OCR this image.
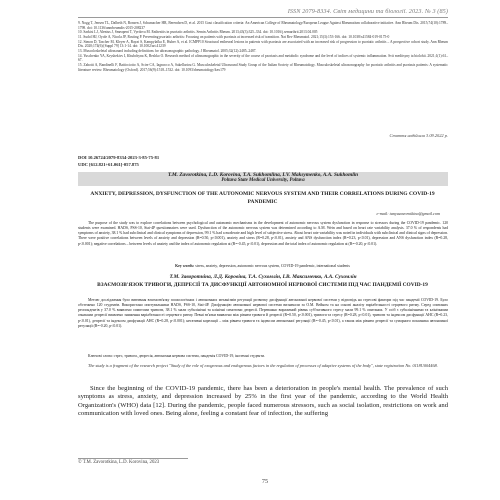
ISSN 2079-8334. Світ медицини та біології. 2023. № 3 (85)

9. Nogg T, Jensen TL, Dalbeth N, Bonsen J, Schumacher HR, Berendsen D, et al. 2015 Gout classification criteria: An American College of Rheumatology/European League Against Rheumatism collaborative initiative. Ann Rheum Dis. 2015;74(10):1789–1798. doi: 10.1136/annrheumdis-2015-208237

10. Sarkisi LJ, Alenius J, Smeapeni T, Vyrdova M. Enthesitis in psoriatic arthritis. Semin Arthritis Rheum. 2013;43(3):325–334. doi: 10.1016/j.semarthrit.2013.04.005

11. Sudol HJ, Oyole A, Nicola JP, Rosting P. Preventing psoriatic arthritis: Focusing on patients with psoriasis at increased risk of transition. Nat Rev Rheumatol. 2021;15(3):153-166. doi: 10.1038/s41584-019-0175-0

12. Simon D, Tascher M, Kleyer A, Bayat S, Kampylafka E, Huber A, et al. ICMPP10 Structural entheseal lesions in patients with psoriasis are associated with an increased risk of progression to psoriatic arthritis – A prospective cohort study. Ann Rheum Dis. 2020;174(6):[Suppl 79] 13:1-14. doi: 10.1002/art.41239

13. Muscoloskeletal ultrasound including definitions for ultrasonographic pathology. J Rheumatol. 2005;32(12):2485–2487.

14. Yuschenko YA, Kryshekivs I, Khubchyna K, Beshko O. Research method of ultrasonographic in the severity of the course of psoriasis and metabolic syndrome and the level of indices of systemic inflammation. Svit meditsyny ta biolohii. 2021;1(1):61–67.

15. Zabotti A, Bandinelli F, Batticciotto A, Scire CA, Iagnocco A, Sakellariou G. Musculoskeletal Ultrasound Study Group of the Italian Society of Rheumatology. Musculoskeletal ultrasonography for psoriatic arthritis and psoriasis patients: A systematic literature review. Rheumatology (Oxford). 2017;56(9):1518–1532. doi: 10.1093/rheumatology/kex179

Стаття надійшла 3.09.2022 р.
DOI 10.26724/2079-8334-2023-3-85-75-81
UDC [612.821+61.061]-057.875
T.M. Zavorotkina, L.D. Korovina, T.A. Sukhomlina, I.V. Maksymenko, A.A. Sukhomlin
Poltava State Medical University, Poltava
ANXIETY, DEPRESSION, DYSFUNCTION OF THE AUTONOMIC NERVOUS SYSTEM AND THEIR CORRELATIONS DURING COVID-19 PANDEMIC
e-mail: tanyazavorotkina@gmail.com
The purpose of the study was to explore correlations between psychological and autonomic mechanisms in the development of autonomic nervous system dysfunction in response to stressors during the COVID-19 pandemic. 120 students were examined. HADS, PSS-10, Stai-4P questionnaires were used. Dysfunction of the autonomic nervous system was determined according to A.M. Wein and based on heart rate variability analysis. 37.0 % of respondents had symptoms of anxiety, 38.1 % had subclinical and clinical symptoms of depression, 99.1 % had a moderate and high level of subjective stress. About heart rate variability was noted in individuals with subclinical and clinical signs of depression. There were positive correlations between levels of anxiety and depression (R=0.50, p<0.001), anxiety and stress (R=0.28, p<0.01), anxiety and ANS dysfunction index (R=0.23, p<0.01), depression and ANS dysfunction index (R=0.28, p<0.001); negative correlations – between levels of anxiety and the index of autonomic regulation at (R=-0.45, p<0.01), depression and the total index of autonomic regulation at (R=-0.20, p<0.01).
Key words: stress, anxiety, depression, autonomic nervous system, COVID-19 pandemic, international students
Т.М. Заворотніна, Л.Д. Коровіна, Т.А. Сухомлін, І.В. Максименко, А.А. Сухомлін
ВЗАЄМОЗВ'ЯЗОК ТРИВОГИ, ДЕПРЕСІЇ ТА ДИСФУНКЦІЇ АВТОНОМНОЇ НЕРВОВОЇ СИСТЕМИ ПІД ЧАС ПАНДЕМІЇ COVID-19
Метою дослідження було вивчення взаємозв'язку психологічних і автономних механізмів регуляції розвитку дисфункції автономної нервової системи у відповідь на стресові фактори під час пандемії COVID-19. Було обстежено 120 студентів. Використано опитувальники HADS, PSS-10, Stai-4P. Дисфункцію автономної нервової системи визначали за О.М. Вейном та на основі аналізу варіабельності серцевого ритму. Серед опитаних респондентів у 37.0 % виявлено симптоми тривоги, 38.1 % мали субклінічні та клінічні симптоми депресії. Переважно виражений рівень суб'єктивного стресу мали 99.1 % опитаних. У осіб з субклінічними та клінічними ознаками депресії виявлено зниження варіабельності серцевого ритму. Певні зв'язки виявлено між рівнем тривоги й депресії (R=0.50, p<0.001), тривоги та стресу (R=0.28, p<0.01), тривоги та індексом дисфункції АНС (R=0.23, p<0.01), депресії та індексом дисфункції АНС (R=0.28, p<0.001); негативні кореляції – між рівнем тривоги та індексом автономної регуляції (R=-0.45, p<0.01), а також між рівнем депресії та сумарного показника автономної регуляції (R=-0.20, p<0.01).
Ключові слова: стрес, тривога, депресія, автономна нервова система, пандемія COVID-19, іноземні студенти.
The study is a fragment of the research project "Study of the role of exogenous and endogenous factors in the regulation of processes of adaptive systems of the body", state registration No. 0118U004468.
Since the beginning of the COVID-19 pandemic, there has been a deterioration in people's mental health. The prevalence of such symptoms as stress, anxiety, and depression increased by 25% in the first year of the pandemic, according to the World Health Organization's (WHO) data [12]. During the pandemic, people faced numerous stressors, such as social isolation, restrictions on work and communication with loved ones. Being alone, feeling a constant fear of infection, the suffering
© T.M. Zavorotkina, L.D. Korovina, 2023
75
